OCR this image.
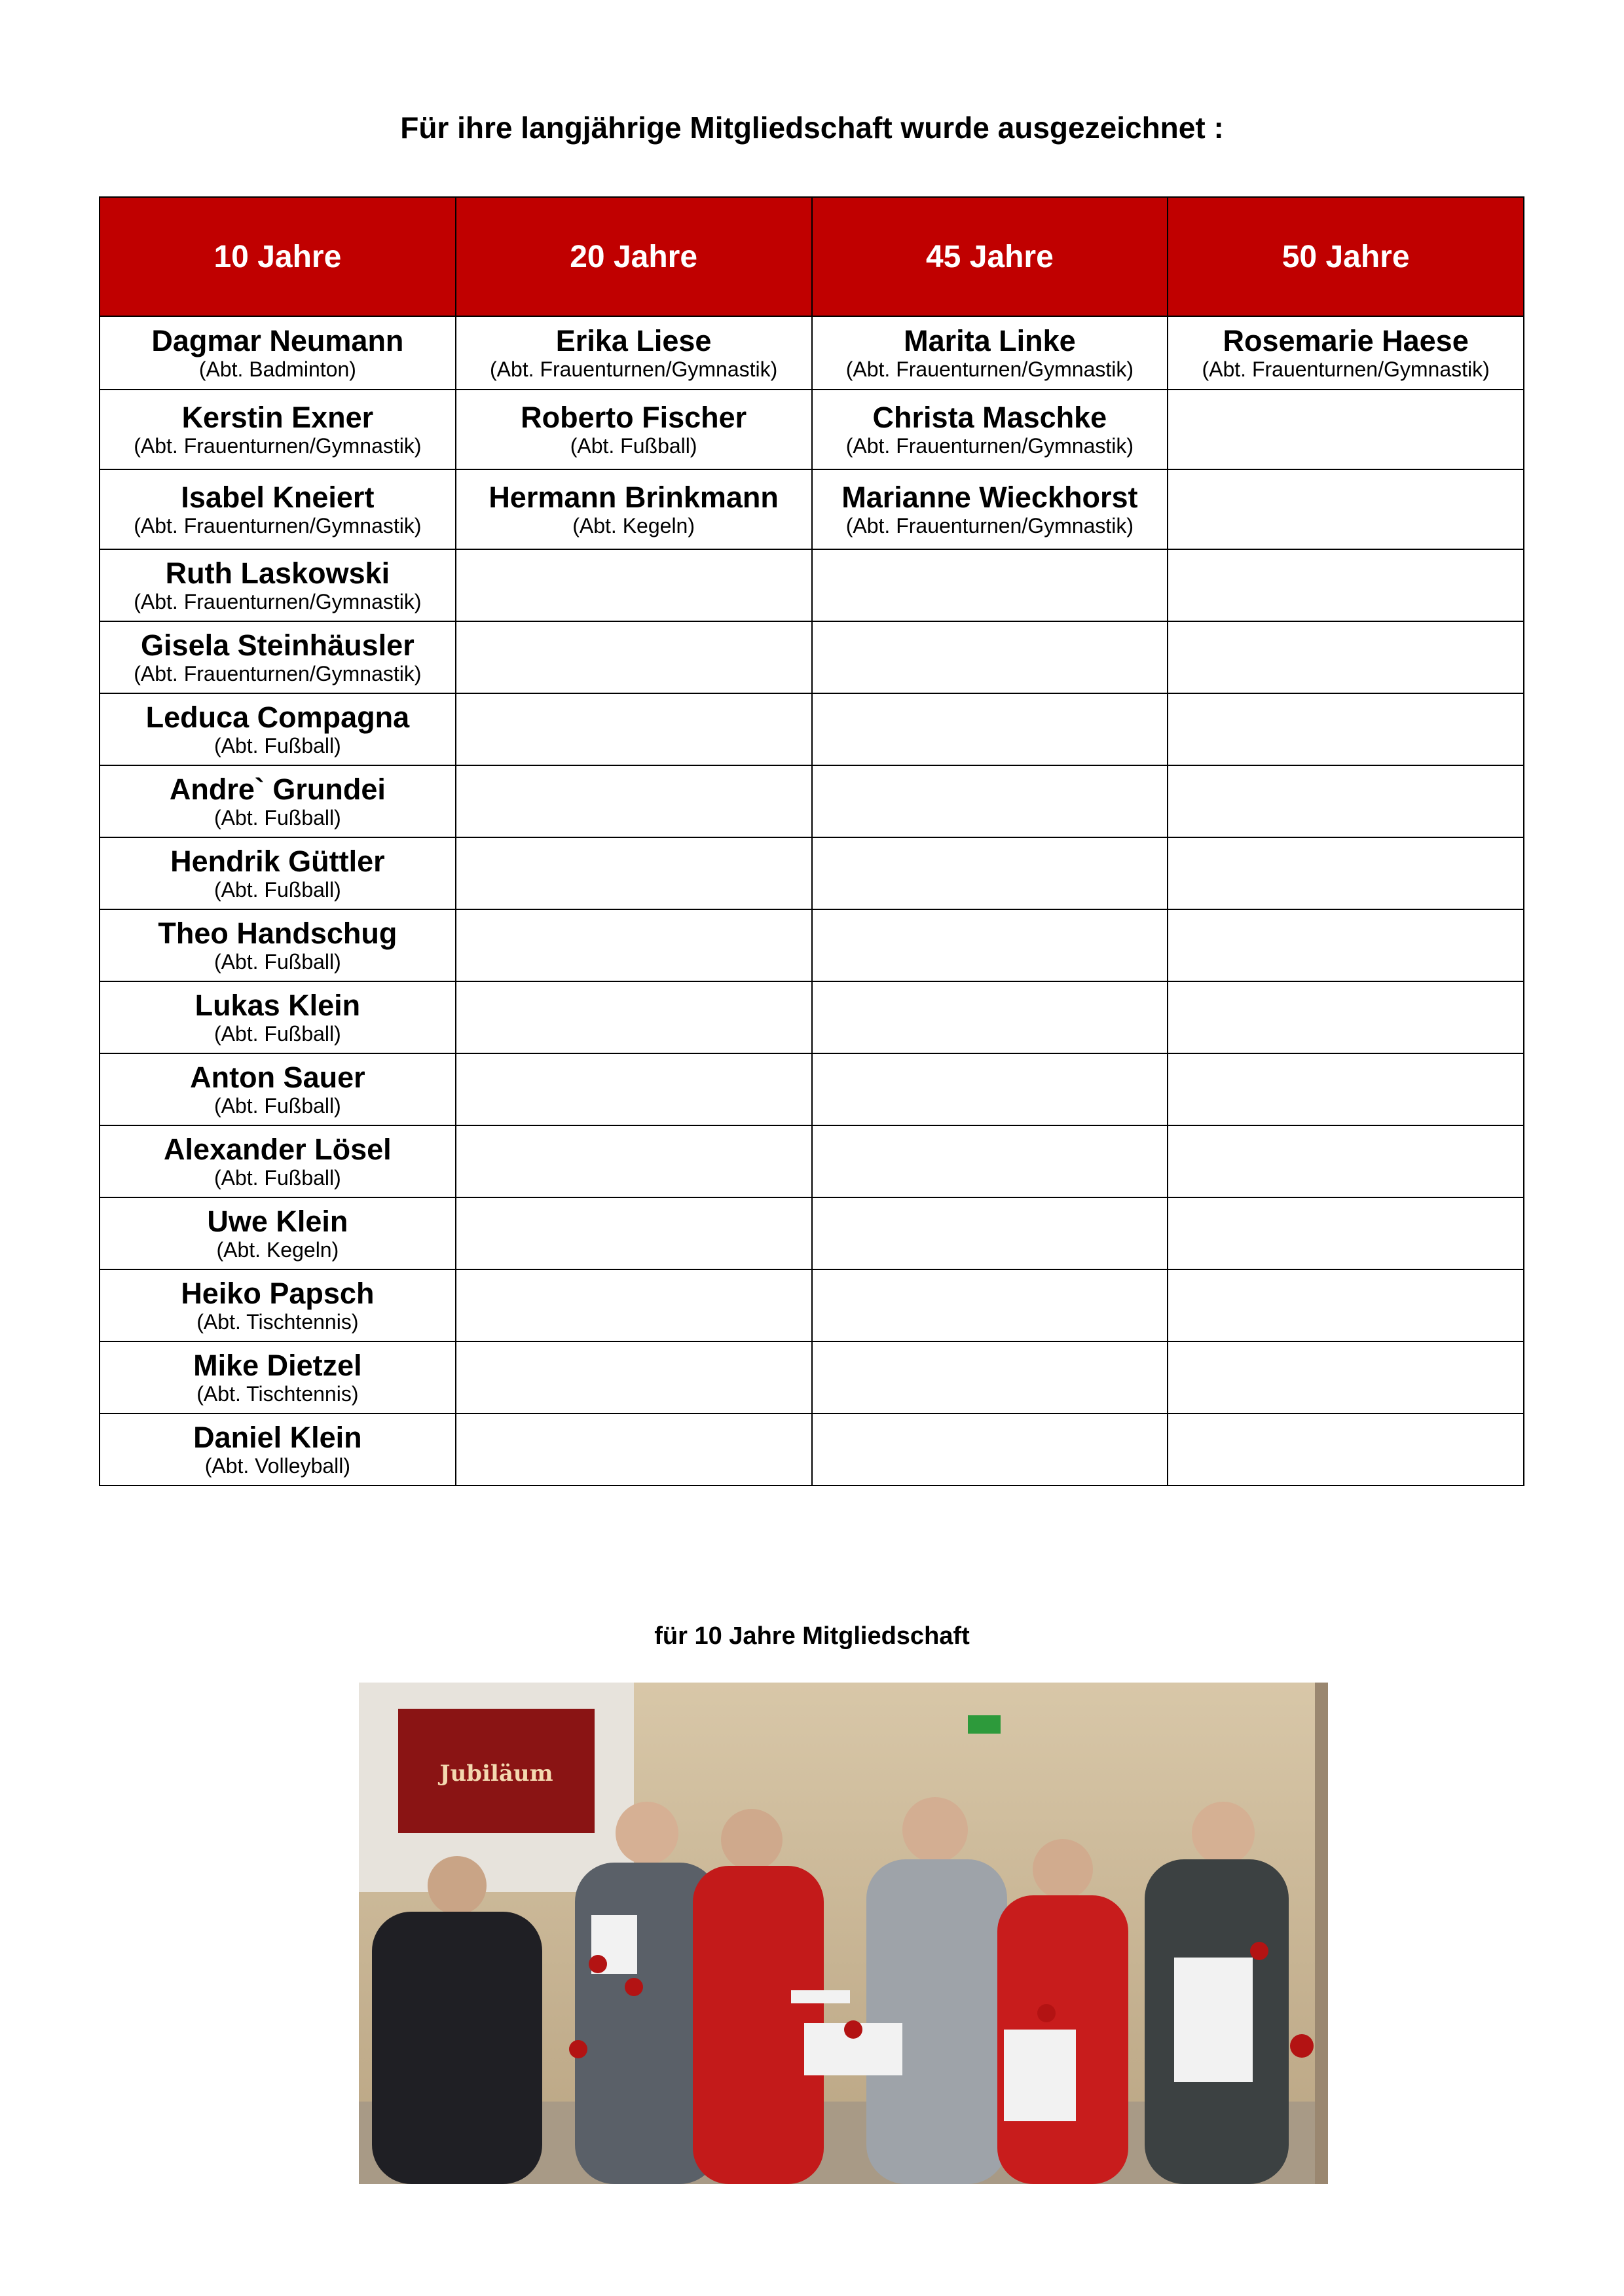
Für ihre langjährige Mitgliedschaft wurde ausgezeichnet :
10 Jahre	20 Jahre	45 Jahre	50 Jahre

Dagmar Neumann
(Abt. Badminton)	Erika Liese
(Abt. Frauenturnen/Gymnastik)	Marita Linke
(Abt. Frauenturnen/Gymnastik)	Rosemarie Haese
(Abt. Frauenturnen/Gymnastik)

Kerstin Exner
(Abt. Frauenturnen/Gymnastik)	Roberto Fischer
(Abt. Fußball)	Christa Maschke
(Abt. Frauenturnen/Gymnastik)	

Isabel Kneiert
(Abt. Frauenturnen/Gymnastik)	Hermann Brinkmann
(Abt. Kegeln)	Marianne Wieckhorst
(Abt. Frauenturnen/Gymnastik)	

Ruth Laskowski
(Abt. Frauenturnen/Gymnastik)			

Gisela Steinhäusler
(Abt. Frauenturnen/Gymnastik)			

Leduca Compagna
(Abt. Fußball)			

Andre` Grundei
(Abt. Fußball)			

Hendrik Güttler
(Abt. Fußball)			

Theo Handschug
(Abt. Fußball)			

Lukas Klein
(Abt. Fußball)			

Anton Sauer
(Abt. Fußball)			

Alexander Lösel
(Abt. Fußball)			

Uwe Klein
(Abt. Kegeln)			

Heiko Papsch
(Abt. Tischtennis)			

Mike Dietzel
(Abt. Tischtennis)			

Daniel Klein
(Abt. Volleyball)			

für 10 Jahre Mitgliedschaft
Jubiläum
